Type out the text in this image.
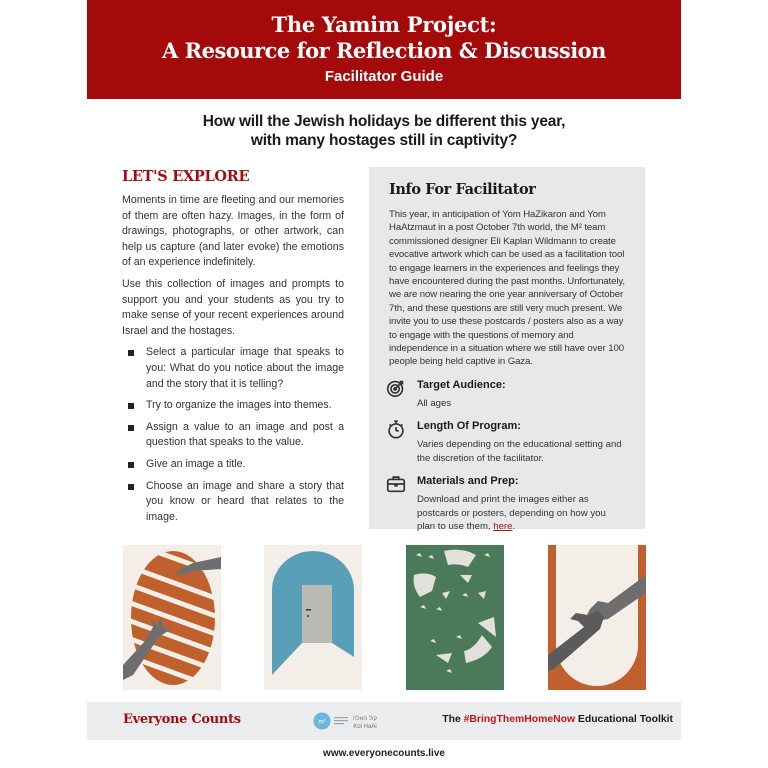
The Yamim Project:
A Resource for Reflection & Discussion
Facilitator Guide
How will the Jewish holidays be different this year,
with many hostages still in captivity?
LET'S EXPLORE

Moments in time are fleeting and our memories of them are often hazy. Images, in the form of drawings, photographs, or other artwork, can help us capture (and later evoke) the emotions of an experience indefinitely.

Use this collection of images and prompts to support you and your students as you try to make sense of your recent experiences around Israel and the hostages.

Select a particular image that speaks to you: What do you notice about the image and the story that it is telling?
Try to organize the images into themes.
Assign a value to an image and post a question that speaks to the value.
Give an image a title.
Choose an image and share a story that you know or heard that relates to the image.
Info For Facilitator
This year, in anticipation of Yom HaZikaron and Yom HaAtzmaut in a post October 7th world, the M² team commissioned designer Eli Kaplan Wildmann to create evocative artwork which can be used as a facilitation tool to engage learners in the experiences and feelings they have encountered during the past months. Unfortunately, we are now nearing the one year anniversary of October 7th, and these questions are still very much present. We invite you to use these postcards / posters also as a way to engage with the questions of memory and independence in a situation where we still have over 100 people being held captive in Gaza.
Target Audience:
All ages
Length Of Program:
Varies depending on the educational setting and the discretion of the facilitator.
Materials and Prep:
Download and print the images either as postcards or posters, depending on how you plan to use them, here.
Everyone Counts	m²
קול האלה
Kol HaAl
The #BringThemHomeNow Educational Toolkit
www.everyonecounts.live
